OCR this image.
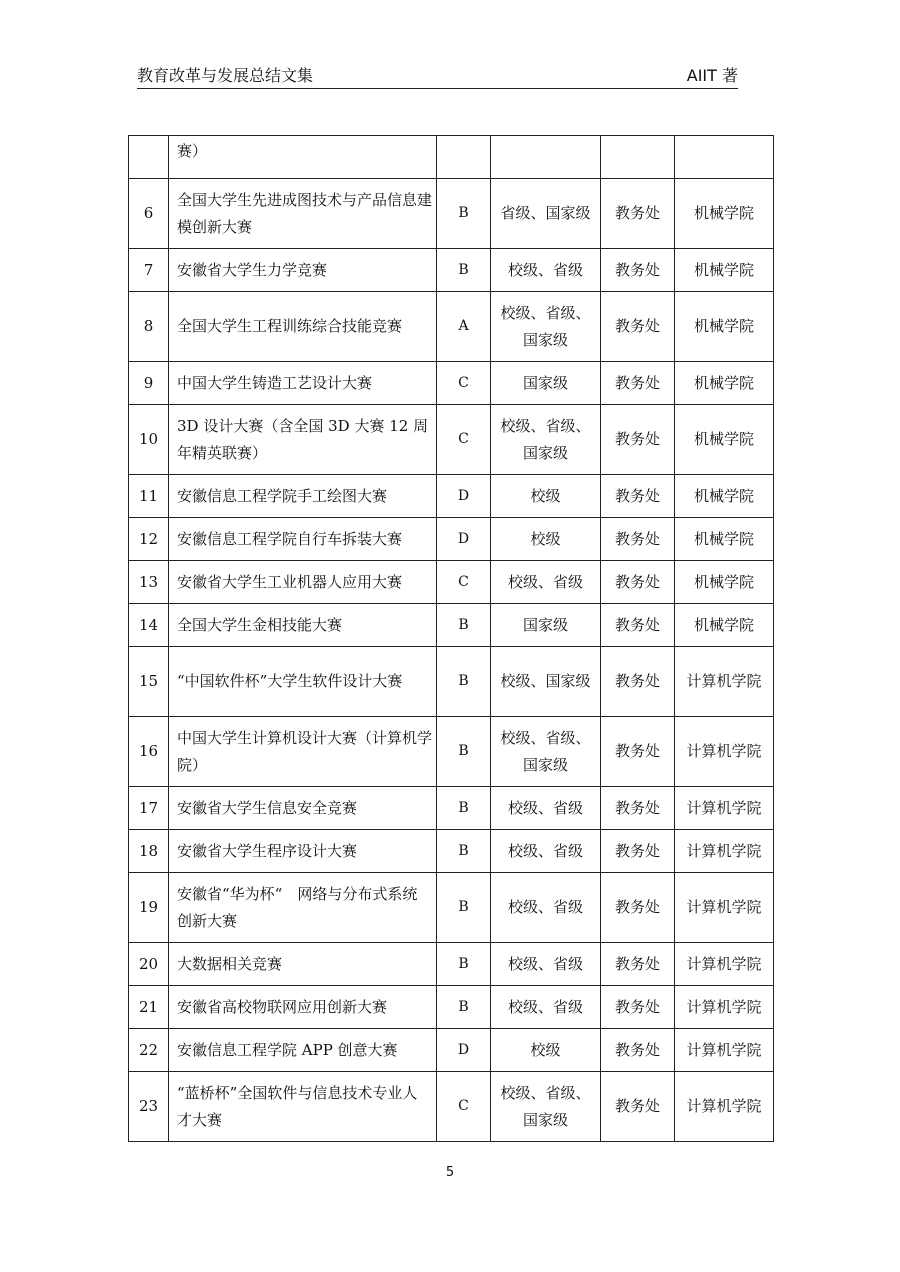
教育改革与发展总结文集	AIIT 著
	赛）				
6	全国大学生先进成图技术与产品信息建模创新大赛	B	省级、国家级	教务处	机械学院
7	安徽省大学生力学竞赛	B	校级、省级	教务处	机械学院
8	全国大学生工程训练综合技能竞赛	A	校级、省级、国家级	教务处	机械学院
9	中国大学生铸造工艺设计大赛	C	国家级	教务处	机械学院
10	3D 设计大赛（含全国 3D 大赛 12 周年精英联赛）	C	校级、省级、国家级	教务处	机械学院
11	安徽信息工程学院手工绘图大赛	D	校级	教务处	机械学院
12	安徽信息工程学院自行车拆装大赛	D	校级	教务处	机械学院
13	安徽省大学生工业机器人应用大赛	C	校级、省级	教务处	机械学院
14	全国大学生金相技能大赛	B	国家级	教务处	机械学院
15	“中国软件杯”大学生软件设计大赛	B	校级、国家级	教务处	计算机学院
16	中国大学生计算机设计大赛（计算机学院）	B	校级、省级、国家级	教务处	计算机学院
17	安徽省大学生信息安全竞赛	B	校级、省级	教务处	计算机学院
18	安徽省大学生程序设计大赛	B	校级、省级	教务处	计算机学院
19	安徽省“华为杯“　网络与分布式系统创新大赛	B	校级、省级	教务处	计算机学院
20	大数据相关竞赛	B	校级、省级	教务处	计算机学院
21	安徽省高校物联网应用创新大赛	B	校级、省级	教务处	计算机学院
22	安徽信息工程学院 APP 创意大赛	D	校级	教务处	计算机学院
23	“蓝桥杯”全国软件与信息技术专业人才大赛	C	校级、省级、国家级	教务处	计算机学院
5
